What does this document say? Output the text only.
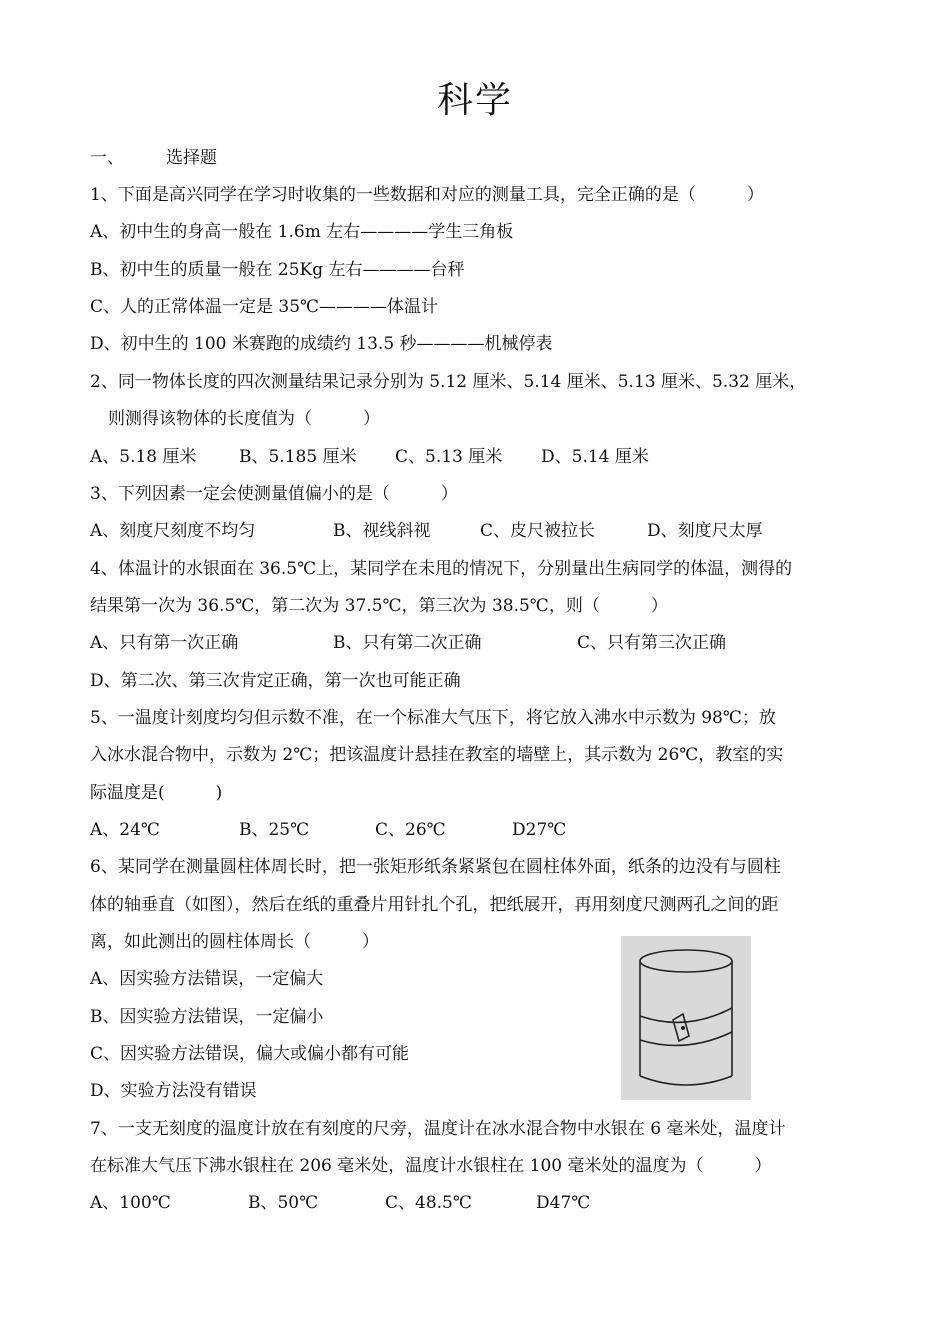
科学
一、 选择题
1、下面是高兴同学在学习时收集的一些数据和对应的测量工具，完全正确的是（　　　）
A、初中生的身高一般在 1.6m 左右————学生三角板
B、初中生的质量一般在 25Kg 左右————台秤
C、人的正常体温一定是 35℃————体温计
D、初中生的 100 米赛跑的成绩约 13.5 秒————机械停表
2、同一物体长度的四次测量结果记录分别为 5.12 厘米、5.14 厘米、5.13 厘米、5.32 厘米，
则测得该物体的长度值为（　　　）
A、5.18 厘米 B、5.185 厘米 C、5.13 厘米 D、5.14 厘米
3、下列因素一定会使测量值偏小的是（　　　）
A、刻度尺刻度不均匀	B、视线斜视	C、皮尺被拉长	D、刻度尺太厚
4、体温计的水银面在 36.5℃上，某同学在未甩的情况下，分别量出生病同学的体温，测得的
结果第一次为 36.5℃，第二次为 37.5℃，第三次为 38.5℃，则（　　　）
A、只有第一次正确	B、只有第二次正确	C、只有第三次正确
D、第二次、第三次肯定正确，第一次也可能正确
5、一温度计刻度均匀但示数不准，在一个标准大气压下，将它放入沸水中示数为 98℃；放
入冰水混合物中，示数为 2℃；把该温度计悬挂在教室的墙壁上，其示数为 26℃，教室的实
际温度是(　　　)
A、24℃	B、25℃	C、26℃	D27℃
6、某同学在测量圆柱体周长时，把一张矩形纸条紧紧包在圆柱体外面，纸条的边没有与圆柱
体的轴垂直（如图），然后在纸的重叠片用针扎个孔，把纸展开，再用刻度尺测两孔之间的距
离，如此测出的圆柱体周长（　　　）
A、因实验方法错误，一定偏大
B、因实验方法错误，一定偏小
C、因实验方法错误，偏大或偏小都有可能
D、实验方法没有错误
7、一支无刻度的温度计放在有刻度的尺旁，温度计在冰水混合物中水银在 6 毫米处，温度计
在标准大气压下沸水银柱在 206 毫米处，温度计水银柱在 100 毫米处的温度为（　　　）
A、100℃	B、50℃	C、48.5℃	D47℃
